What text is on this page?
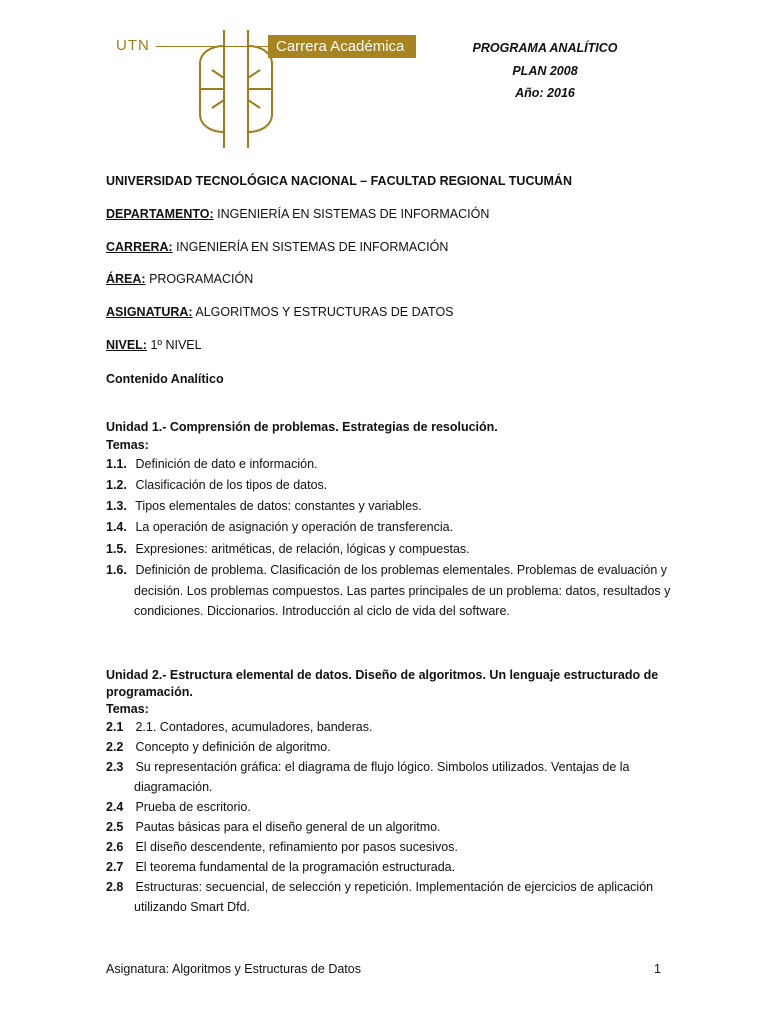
UTN	Carrera Académica	PROGRAMA ANALÍTICO
PLAN 2008
Año: 2016
UNIVERSIDAD TECNOLÓGICA NACIONAL – FACULTAD REGIONAL TUCUMÁN
DEPARTAMENTO: INGENIERÍA EN SISTEMAS DE INFORMACIÓN
CARRERA: INGENIERÍA EN SISTEMAS DE INFORMACIÓN
ÁREA: PROGRAMACIÓN
ASIGNATURA: ALGORITMOS Y ESTRUCTURAS DE DATOS
NIVEL: 1º NIVEL
Contenido Analítico
Unidad 1.- Comprensión de problemas. Estrategias de resolución.
Temas:
1.1. Definición de dato e información.
1.2. Clasificación de los tipos de datos.
1.3. Tipos elementales de datos: constantes y variables.
1.4. La operación de asignación y operación de transferencia.
1.5. Expresiones: aritméticas, de relación, lógicas y compuestas.
1.6. Definición de problema. Clasificación de los problemas elementales. Problemas de evaluación y
decisión. Los problemas compuestos. Las partes principales de un problema: datos, resultados y
condiciones. Diccionarios. Introducción al ciclo de vida del software.
Unidad 2.- Estructura elemental de datos. Diseño de algoritmos. Un lenguaje estructurado de
programación.
Temas:
2.1 2.1. Contadores, acumuladores, banderas.
2.2 Concepto y definición de algoritmo.
2.3 Su representación gráfica: el diagrama de flujo lógico. Simbolos utilizados. Ventajas de la
diagramación.
2.4 Prueba de escritorio.
2.5 Pautas básicas para el diseño general de un algoritmo.
2.6 El diseño descendente, refinamiento por pasos sucesivos.
2.7 El teorema fundamental de la programación estructurada.
2.8 Estructuras: secuencial, de selección y repetición. Implementación de ejercicios de aplicación
utilizando Smart Dfd.
Asignatura: Algoritmos y Estructuras de Datos	1
